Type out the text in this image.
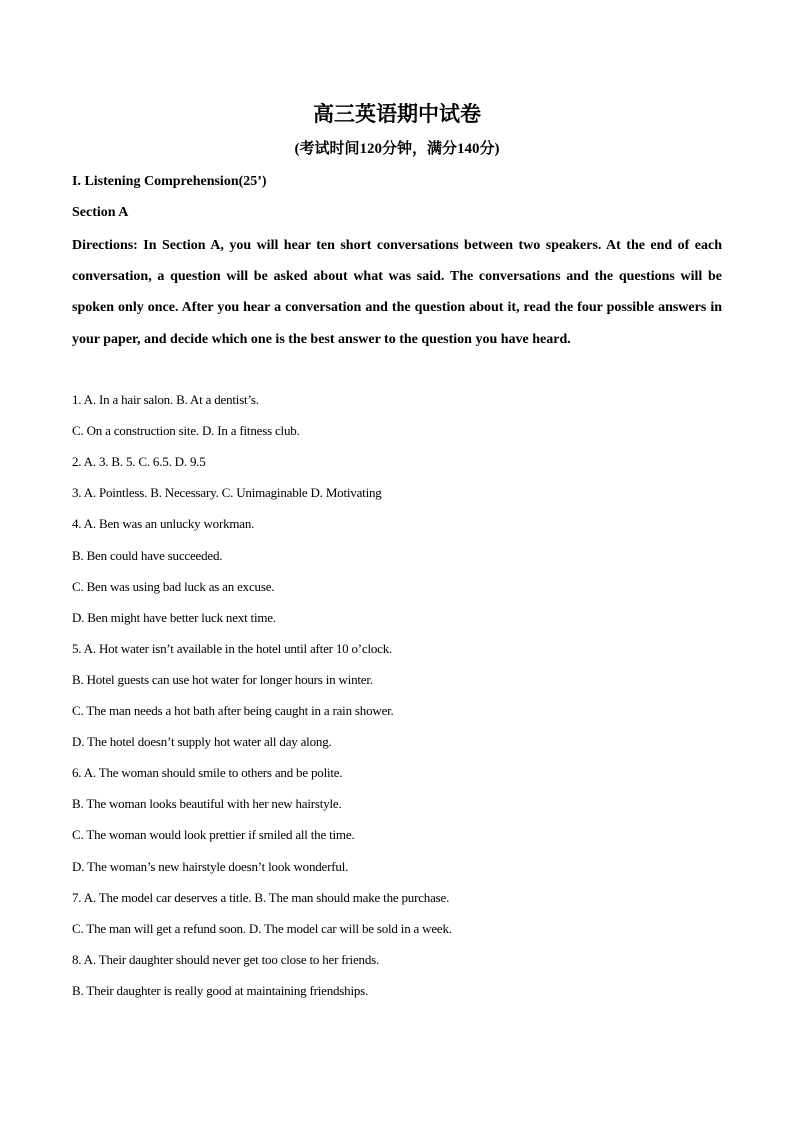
高三英语期中试卷
(考试时间120分钟，满分140分)
I. Listening Comprehension(25’)
Section A
Directions: In Section A, you will hear ten short conversations between two speakers. At the end of each conversation, a question will be asked about what was said. The conversations and the questions will be spoken only once. After you hear a conversation and the question about it, read the four possible answers in your paper, and decide which one is the best answer to the question you have heard.
1. A. In a hair salon. B. At a dentist’s.
C. On a construction site. D. In a fitness club.
2. A. 3. B. 5. C. 6.5. D. 9.5
3. A. Pointless. B. Necessary. C. Unimaginable D. Motivating
4. A. Ben was an unlucky workman.
B. Ben could have succeeded.
C. Ben was using bad luck as an excuse.
D. Ben might have better luck next time.
5. A. Hot water isn’t available in the hotel until after 10 o’clock.
B. Hotel guests can use hot water for longer hours in winter.
C. The man needs a hot bath after being caught in a rain shower.
D. The hotel doesn’t supply hot water all day along.
6. A. The woman should smile to others and be polite.
B. The woman looks beautiful with her new hairstyle.
C. The woman would look prettier if smiled all the time.
D. The woman’s new hairstyle doesn’t look wonderful.
7. A. The model car deserves a title. B. The man should make the purchase.
C. The man will get a refund soon. D. The model car will be sold in a week.
8. A. Their daughter should never get too close to her friends.
B. Their daughter is really good at maintaining friendships.
